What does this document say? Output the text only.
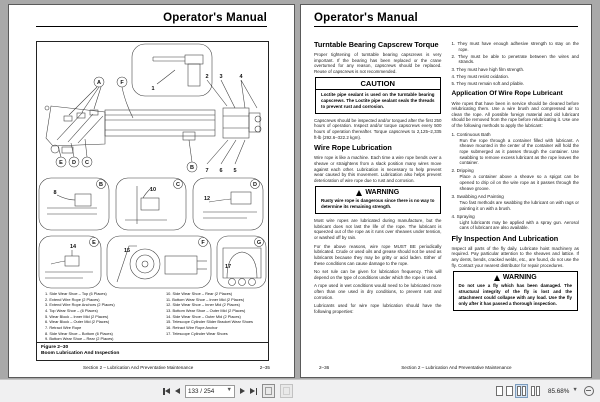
Operator's Manual
1
A	F
E D C
B
2 3	4
7 6 5
B	C	D
8	10
12
E	F	G
14
15
17
1. Side Wear Shoe – Top (6 Places)
2. Extend Wire Rope (2 Places)
3. Extend Wire Rope Anchors (2 Places)
4. Top Wear Shoe – (6 Places)
5. Wear Block – Inner Mid (2 Places)
6. Wear Block – Outer Mid (2 Places)
7. Retract Wire Rope
8. Side Wear Shoe – Bottom (6 Places)
9. Bottom Wear Shoe – Rear (2 Places)
10. Side Wear Shoe – Rear (2 Places)
11. Bottom Wear Shoe – Inner Mid (2 Places)
12. Side Wear Shoe – Inner Mid (2 Places)
13. Bottom Wear Shoe – Outer Mid (2 Places)
14. Side Wear Shoe – Outer Mid (2 Places)
15. Telescope Cylinder Slider Bracket Wear Shoes
16. Retract Wire Rope Anchor
17. Telescope Cylinder Wear Shoes
Figure 2–30
Boom Lubrication And Inspection
Section 2 – Lubrication And Preventative Maintenance	2–35
Operator's Manual
Turntable Bearing Capscrew Torque

Proper tightening of turntable bearing capscrews is very important. If the bearing has been replaced or the crane overturned for any reason, capscrews should be replaced. Reuse of capscrews is not recommended.

CAUTION
Loctite pipe sealant is used on the turntable bearing capscrews. The Loctite pipe sealant seals the threads to prevent rust and corrosion.

Capscrews should be inspected and/or torqued after the first 250 hours of operation. Inspect and/or torque capscrews every 500 hours of operation thereafter. Torque capscrews to 2,125–2,335 ft-lb (292.6–322.2 kgm).

Wire Rope Lubrication

Wire rope is like a machine. Each time a wire rope bends over a sheave or straightens from a slack position many wires move against each other. Lubrication is necessary to help prevent wear caused by this movement. Lubrication also helps prevent deterioration of wire rope due to rust and corrosion.

WARNING
Rusty wire rope is dangerous since there is no way to determine its remaining strength.

Most wire ropes are lubricated during manufacture, but the lubricant does not last the life of the rope. The lubricant is squeezed out of the rope as it runs over sheaves under tension, or washed off by rain.

For the above reasons, wire rope MUST BE periodically lubricated. Crude or used oils and grease should not be used as lubricants because they may be gritty or acid laden. Either of these conditions can cause damage to the rope.

No set rule can be given for lubrication frequency. This will depend on the type of conditions under which the rope is used.

A rope used in wet conditions would need to be lubricated more often than one used in dry conditions, to prevent rust and corrosion.

Lubricants used for wire rope lubrication should have the following properties:

1. They must have enough adhesive strength to stay on the rope.
2. They must be able to penetrate between the wires and strands.
3. They must have high film strength.
4. They must resist oxidation.
5. They must remain soft and pliable.
Application Of Wire Rope Lubricant

Wire ropes that have been in service should be cleaned before relubricating them. Use a wire brush and compressed air to clean the rope. All possible foreign material and old lubricant should be removed from the rope before relubricating it. Use one of the following methods to apply the lubricant:

1. Continuous Bath

Run the rope through a container filled with lubricant. A sheave mounted in the center of the container will hold the rope submerged as it passes through the container. Use swabbing to remove excess lubricant as the rope leaves the container.

2. Dripping

Place a container above a sheave so a spigot can be opened to drip oil on the wire rope as it passes through the sheave groove.

3. Swabbing And Painting

Two fast methods are swabbing the lubricant on with rags or painting it on with a brush.

4. Spraying

Light lubricants may be applied with a spray gun. Aerosol cans of lubricant are also available.

Fly Inspection And Lubrication

Inspect all parts of the fly daily. Lubricate hoist machinery as required. Pay particular attention to the sheaves and lattice. If any dents, bends, cracked welds, etc., are found, do not use the fly. Contact your nearest distributor for repair procedures.

WARNING
Do not use a fly which has been damaged. The structural integrity of the fly is lost and the attachment could collapse with any load. Use the fly only after it has passed a thorough inspection.
2–36	Section 2 – Lubrication And Preventative Maintenance
133 / 254 ▼	85.68% ▼
